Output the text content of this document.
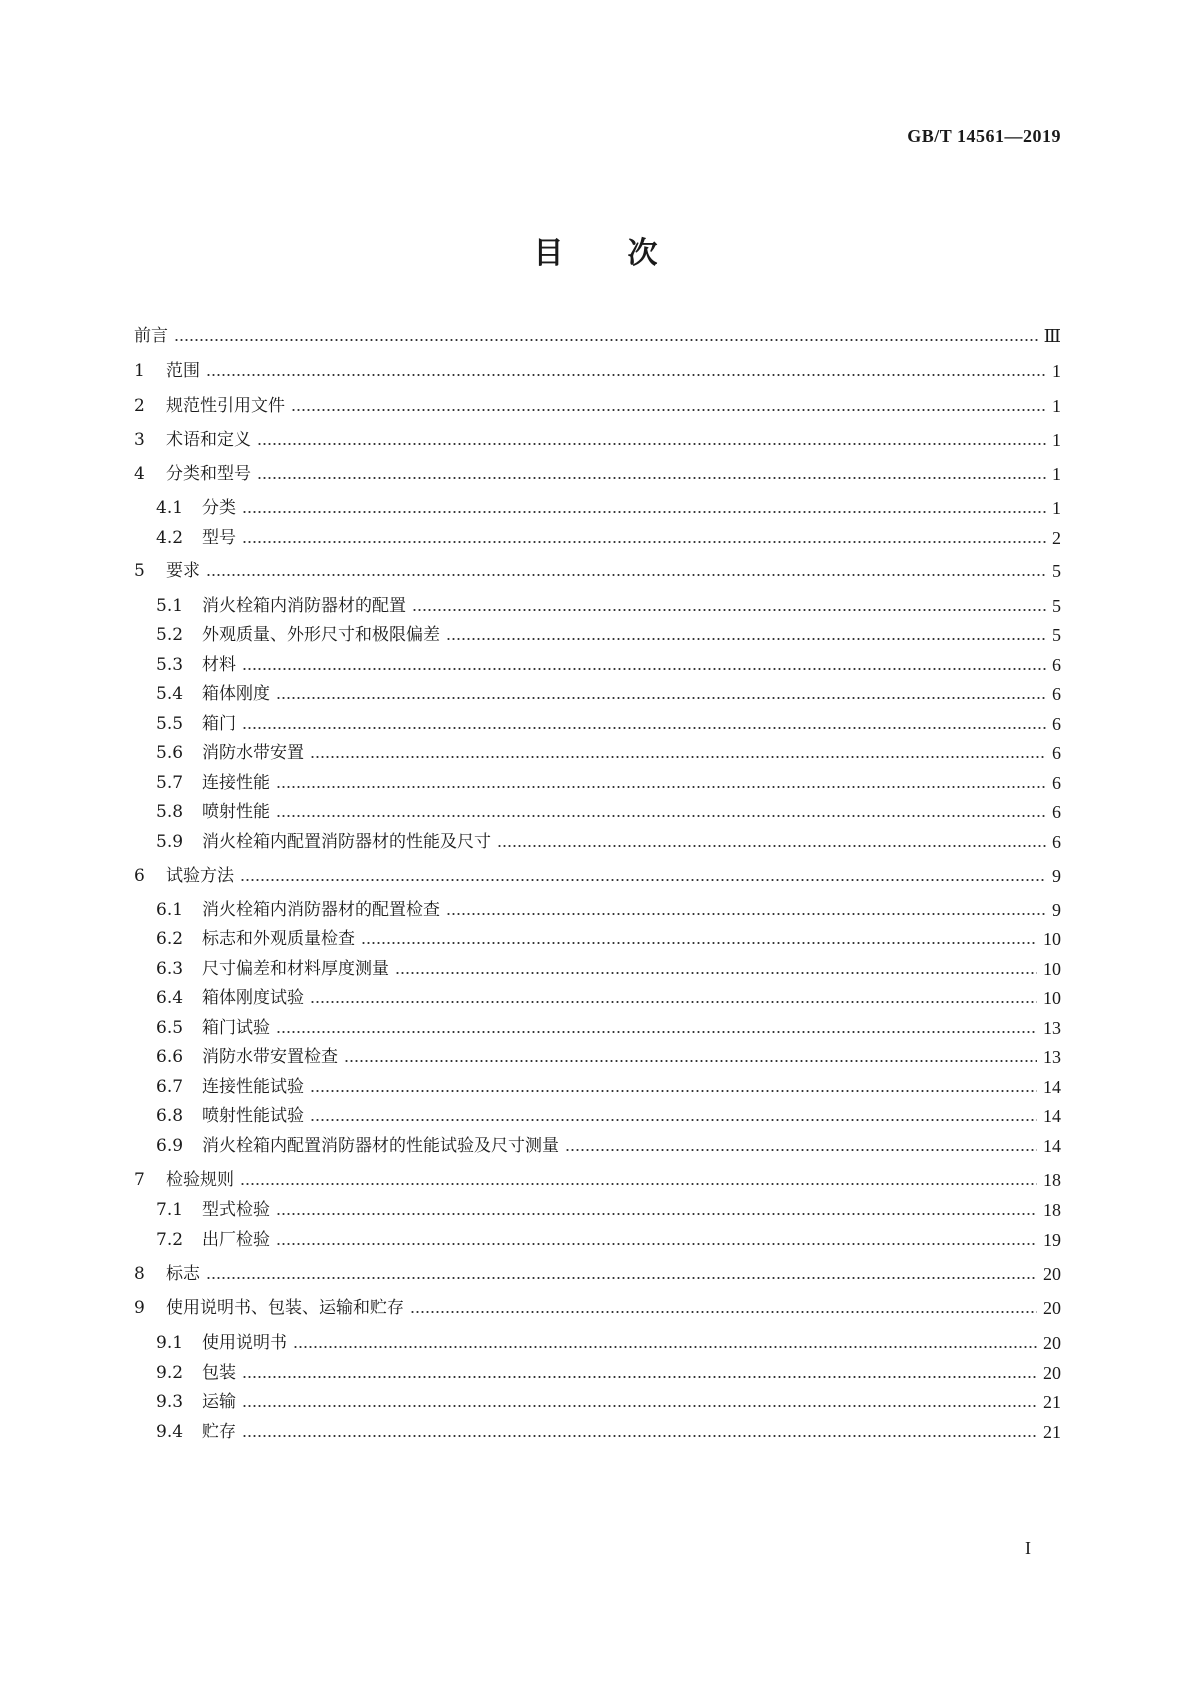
GB/T 14561—2019
目次
前言	Ⅲ
1	范围	1
2	规范性引用文件	1
3	术语和定义	1
4	分类和型号	1
4.1	分类	1
4.2	型号	2
5	要求	5
5.1	消火栓箱内消防器材的配置	5
5.2	外观质量、外形尺寸和极限偏差	5
5.3	材料	6
5.4	箱体刚度	6
5.5	箱门	6
5.6	消防水带安置	6
5.7	连接性能	6
5.8	喷射性能	6
5.9	消火栓箱内配置消防器材的性能及尺寸	6
6	试验方法	9
6.1	消火栓箱内消防器材的配置检查	9
6.2	标志和外观质量检查	10
6.3	尺寸偏差和材料厚度测量	10
6.4	箱体刚度试验	10
6.5	箱门试验	13
6.6	消防水带安置检查	13
6.7	连接性能试验	14
6.8	喷射性能试验	14
6.9	消火栓箱内配置消防器材的性能试验及尺寸测量	14
7	检验规则	18
7.1	型式检验	18
7.2	出厂检验	19
8	标志	20
9	使用说明书、包装、运输和贮存	20
9.1	使用说明书	20
9.2	包装	20
9.3	运输	21
9.4	贮存	21
I
